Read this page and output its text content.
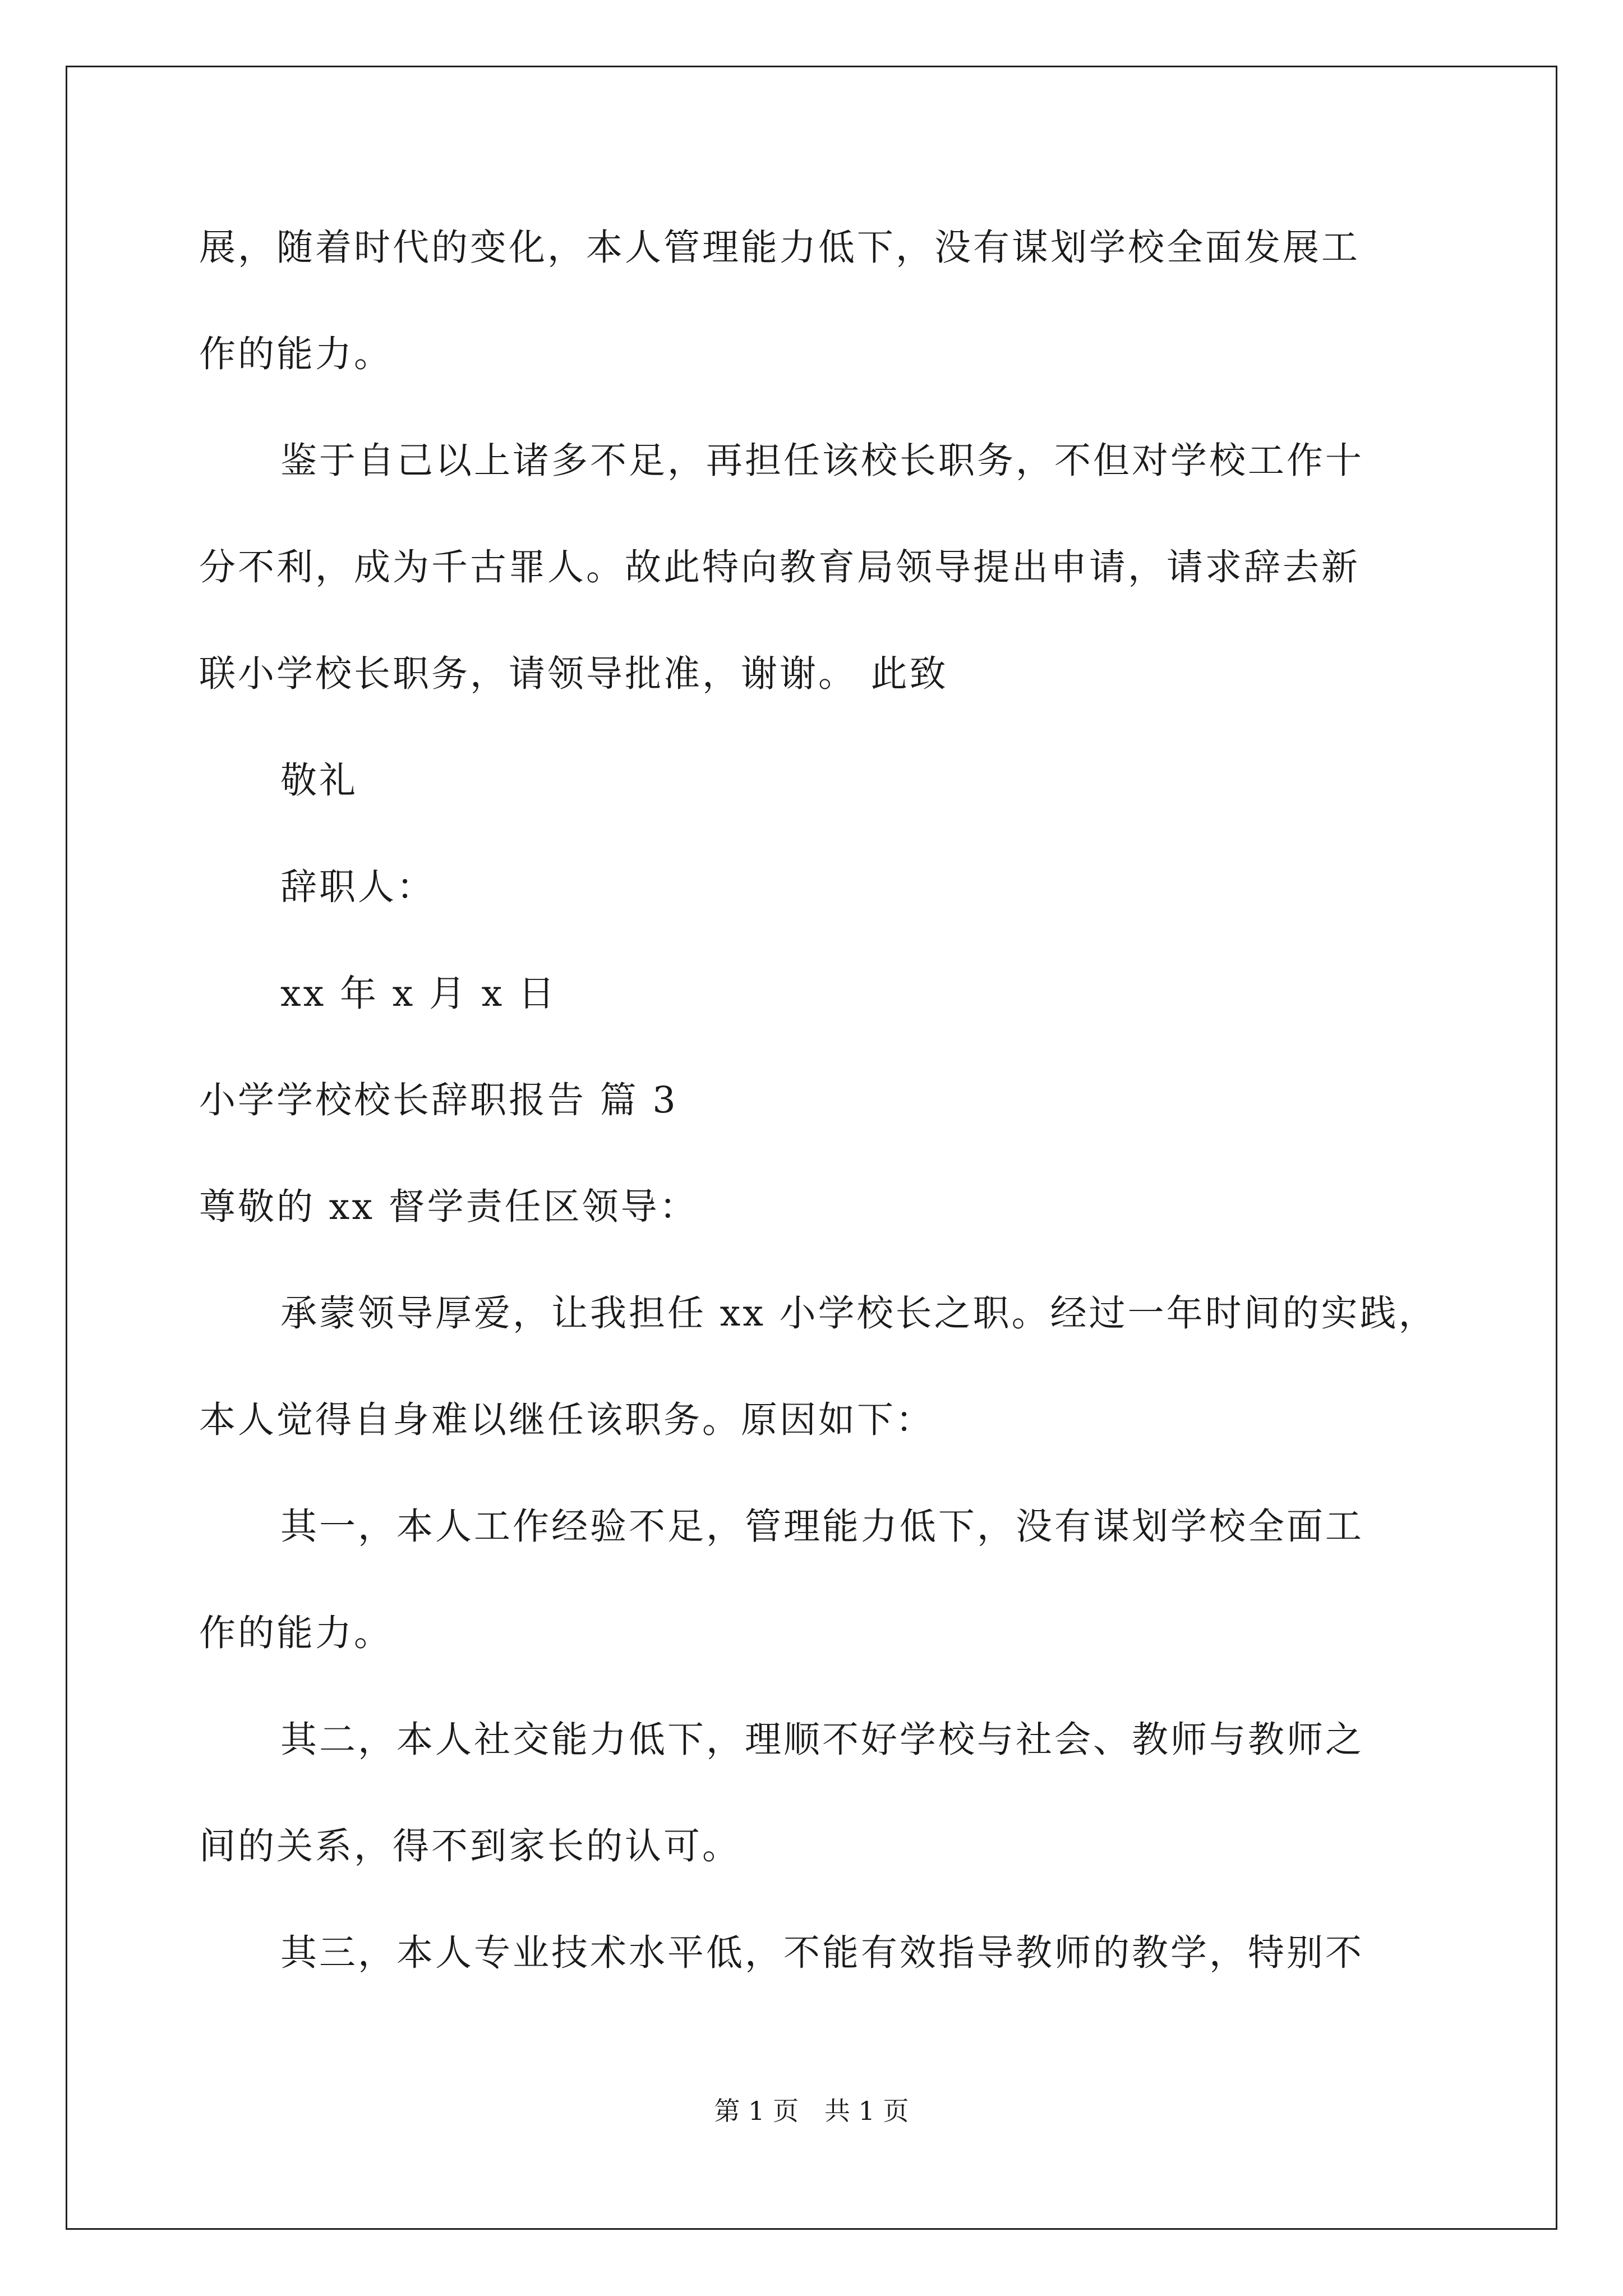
展，随着时代的变化，本人管理能力低下，没有谋划学校全面发展工
作的能力。
鉴于自己以上诸多不足，再担任该校长职务，不但对学校工作十
分不利，成为千古罪人。故此特向教育局领导提出申请，请求辞去新
联小学校长职务，请领导批准，谢谢。 此致
敬礼
辞职人：
xx 年 x 月 x 日
小学学校校长辞职报告 篇 3
尊敬的 xx 督学责任区领导：
承蒙领导厚爱，让我担任 xx 小学校长之职。经过一年时间的实践，
本人觉得自身难以继任该职务。原因如下：
其一，本人工作经验不足，管理能力低下，没有谋划学校全面工
作的能力。
其二，本人社交能力低下，理顺不好学校与社会、教师与教师之
间的关系，得不到家长的认可。
其三，本人专业技术水平低，不能有效指导教师的教学，特别不
第 1 页　共 1 页
